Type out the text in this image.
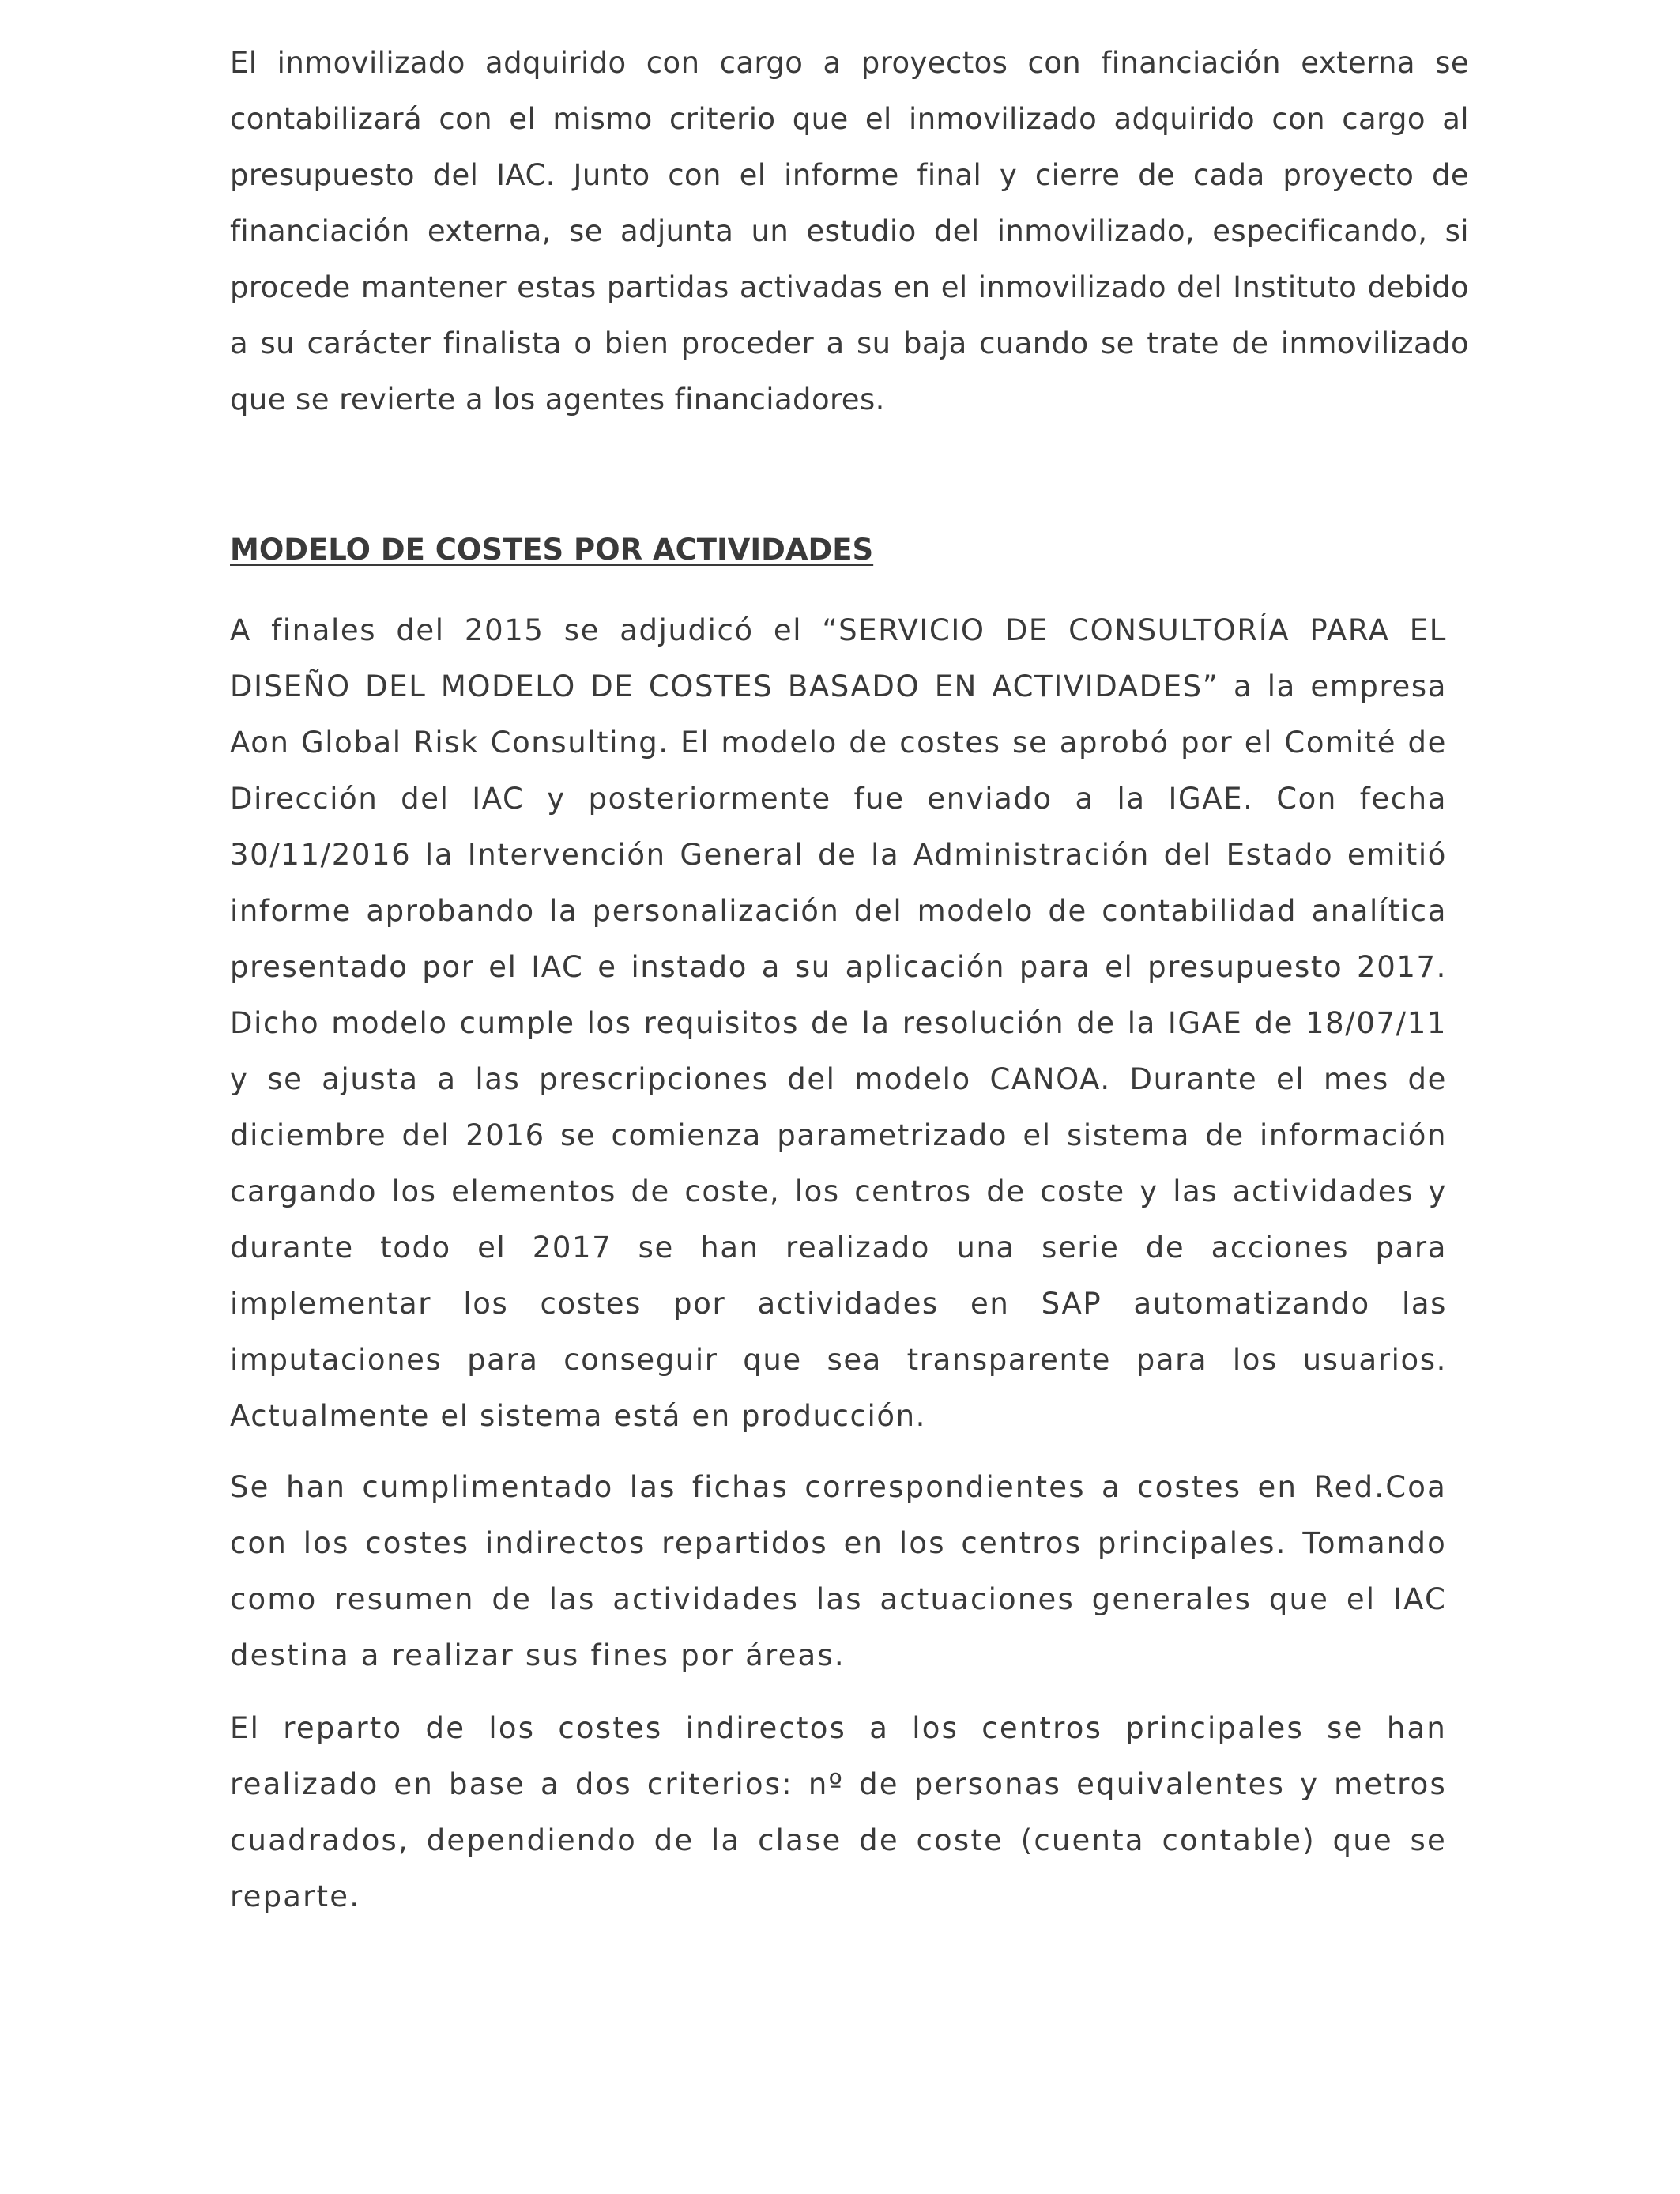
El inmovilizado adquirido con cargo a proyectos con financiación externa se contabilizará con el mismo criterio que el inmovilizado adquirido con cargo al presupuesto del IAC. Junto con el informe final y cierre de cada proyecto de financiación externa, se adjunta un estudio del inmovilizado, especificando, si procede mantener estas partidas activadas en el inmovilizado del Instituto debido a su carácter finalista o bien proceder a su baja cuando se trate de inmovilizado que se revierte a los agentes financiadores.

MODELO DE COSTES POR ACTIVIDADES

A finales del 2015 se adjudicó el “SERVICIO DE CONSULTORÍA PARA EL DISEÑO DEL MODELO DE COSTES BASADO EN ACTIVIDADES” a la empresa Aon Global Risk Consulting. El modelo de costes se aprobó por el Comité de Dirección del IAC y posteriormente fue enviado a la IGAE. Con fecha 30/11/2016 la Intervención General de la Administración del Estado emitió informe aprobando la personalización del modelo de contabilidad analítica presentado por el IAC e instado a su aplicación para el presupuesto 2017. Dicho modelo cumple los requisitos de la resolución de la IGAE de 18/07/11 y se ajusta a las prescripciones del modelo CANOA. Durante el mes de diciembre del 2016 se comienza parametrizado el sistema de información cargando los elementos de coste, los centros de coste y las actividades y durante todo el 2017 se han realizado una serie de acciones para implementar los costes por actividades en SAP automatizando las imputaciones para conseguir que sea transparente para los usuarios. Actualmente el sistema está en producción.

Se han cumplimentado las fichas correspondientes a costes en Red.Coa con los costes indirectos repartidos en los centros principales. Tomando como resumen de las actividades las actuaciones generales que el IAC destina a realizar sus fines por áreas.

El reparto de los costes indirectos a los centros principales se han realizado en base a dos criterios: nº de personas equivalentes y metros cuadrados, dependiendo de la clase de coste (cuenta contable) que se reparte.
